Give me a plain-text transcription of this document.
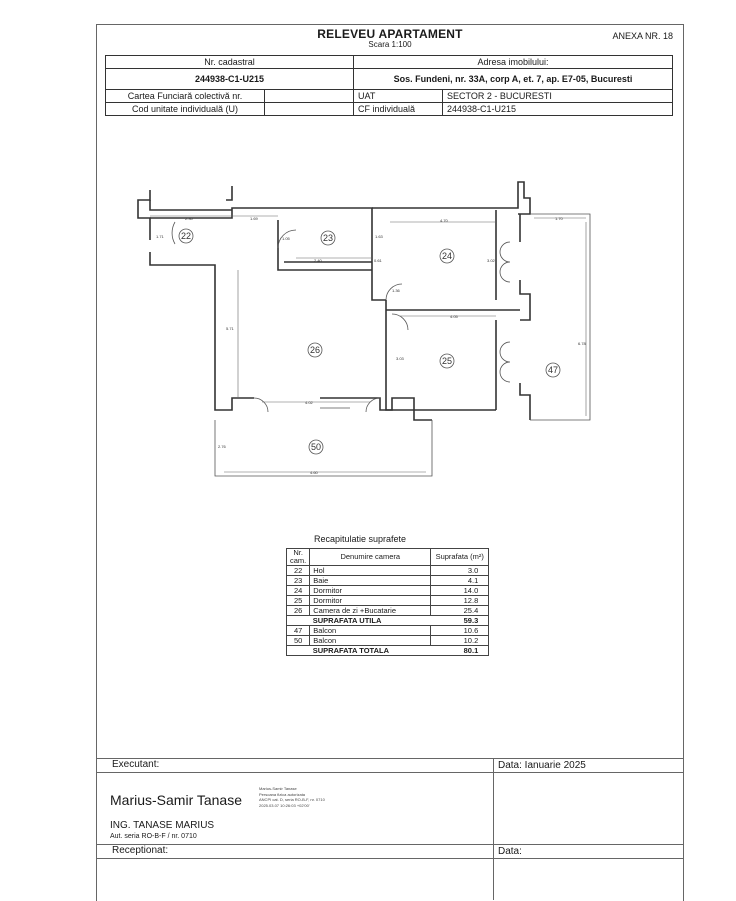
RELEVEU APARTAMENT
Scara 1:100
ANEXA NR. 18
Nr. cadastral		Adresa imobilului:	
244938-C1-U215		Sos. Fundeni, nr. 33A, corp A, et. 7, ap. E7-05, Bucuresti	
Cartea Funciară colectivă nr.		UAT	SECTOR 2 - BUCURESTI
Cod unitate individuală (U)		CF individuală	244938-C1-U215
2.30	1.69
2.40
4.70	1.70
1.71	1.63
3.02
0.61
1.36
4.05
5.71
3.03
6.78
4.02
2.76
4.60
1.05
22	23
24
25
26
47
50
Recapitulatie suprafete
Nr. cam.	Denumire camera	Suprafata (m²)
22	Hol	3.0
23	Baie	4.1
24	Dormitor	14.0
25	Dormitor	12.8
26	Camera de zi +Bucatarie	25.4
	SUPRAFATA UTILA	59.3
47	Balcon	10.6
50	Balcon	10.2
	SUPRAFATA TOTALA	80.1
Executant:	Data: Ianuarie 2025
Marius-Samir Tanase
Marius-Samir Tanase
Persoana fizica autorizata
ANCPI cat. D, seria RO-B-F, nr. 0710
2025.03.07 10:26:03 +02'00'
ING. TANASE MARIUS
Aut. seria RO-B-F / nr. 0710
Receptionat:	Data:
